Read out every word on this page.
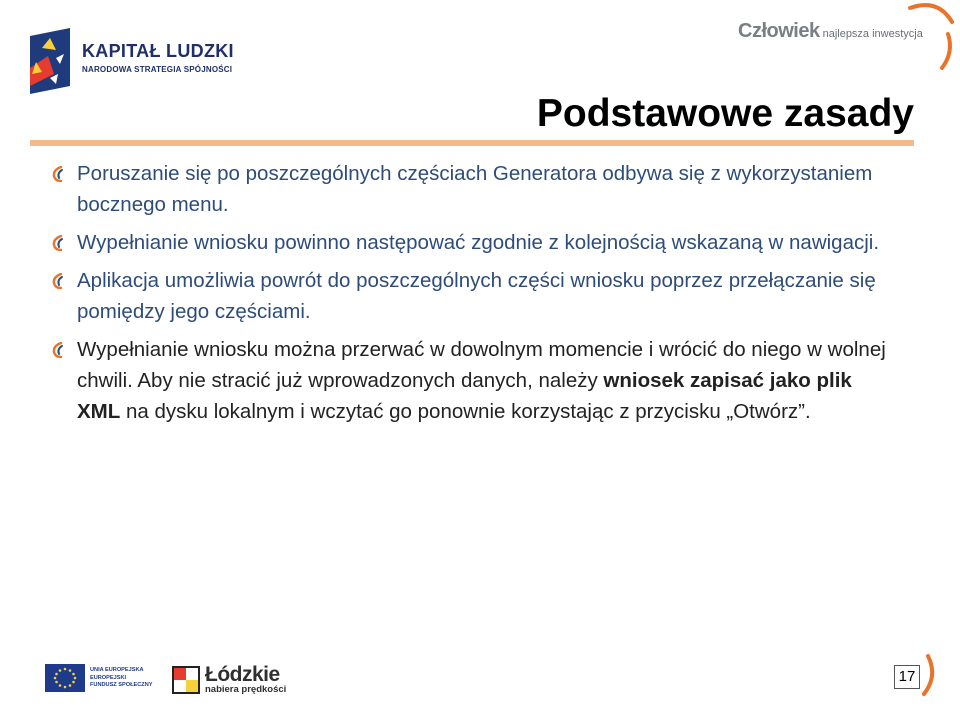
KAPITAŁ LUDZKI
NARODOWA STRATEGIA SPÓJNOŚCI
Człowiek najlepsza inwestycja
Podstawowe zasady
Poruszanie się po poszczególnych częściach Generatora odbywa się z wykorzystaniem bocznego menu.
Wypełnianie wniosku powinno następować zgodnie z kolejnością wskazaną w nawigacji.
Aplikacja umożliwia powrót do poszczególnych części wniosku poprzez przełączanie się pomiędzy jego częściami.
Wypełnianie wniosku można przerwać w dowolnym momencie i wrócić do niego w wolnej chwili. Aby nie stracić już wprowadzonych danych, należy wniosek zapisać jako plik XML na dysku lokalnym i wczytać go ponownie korzystając z przycisku „Otwórz”.
UNIA EUROPEJSKA
EUROPEJSKI
FUNDUSZ SPOŁECZNY	Łódzkie
nabiera prędkości
17
